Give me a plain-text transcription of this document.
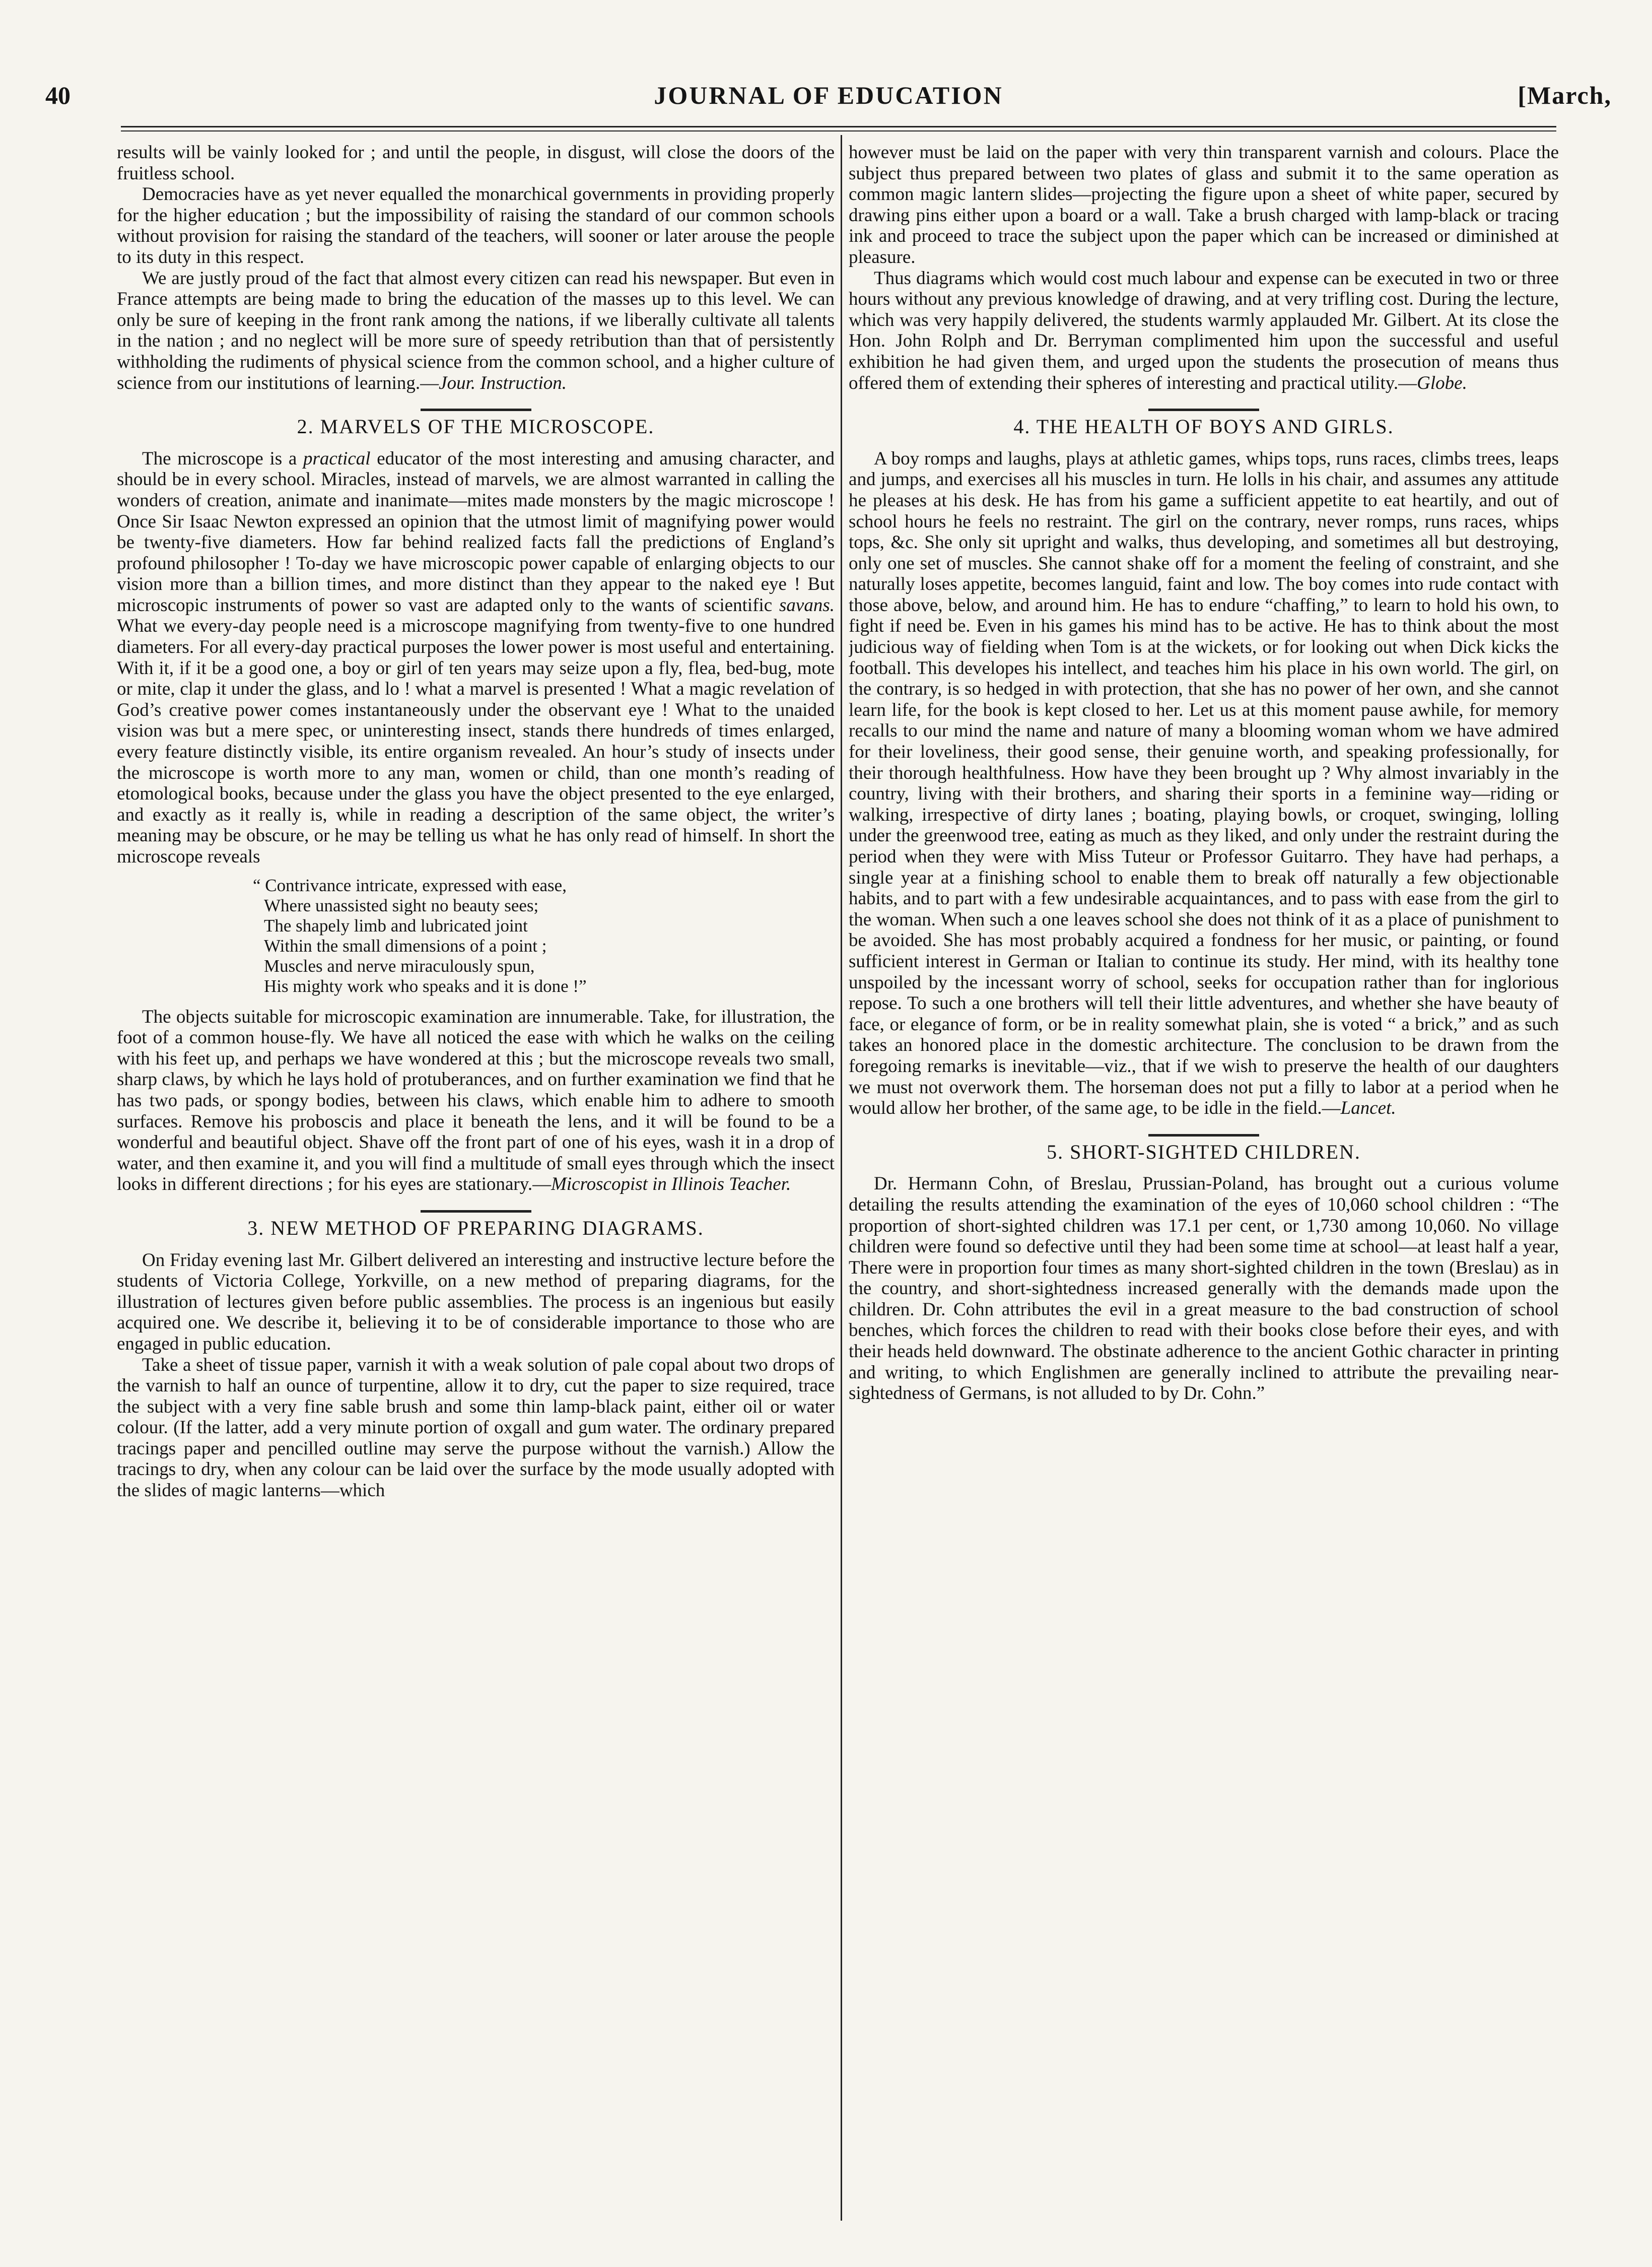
40	JOURNAL OF EDUCATION	[March,

results will be vainly looked for ; and until the people, in disgust, will close the doors of the fruitless school.

Democracies have as yet never equalled the monarchical governments in providing properly for the higher education ; but the impossibility of raising the standard of our common schools without provision for raising the standard of the teachers, will sooner or later arouse the people to its duty in this respect.

We are justly proud of the fact that almost every citizen can read his newspaper. But even in France attempts are being made to bring the education of the masses up to this level. We can only be sure of keeping in the front rank among the nations, if we liberally cultivate all talents in the nation ; and no neglect will be more sure of speedy retribution than that of persistently withholding the rudiments of physical science from the common school, and a higher culture of science from our institutions of learning.—Jour. Instruction.

2. MARVELS OF THE MICROSCOPE.

The microscope is a practical educator of the most interesting and amusing character, and should be in every school. Miracles, instead of marvels, we are almost warranted in calling the wonders of creation, animate and inanimate—mites made monsters by the magic microscope ! Once Sir Isaac Newton expressed an opinion that the utmost limit of magnifying power would be twenty-five diameters. How far behind realized facts fall the predictions of England’s profound philosopher ! To-day we have microscopic power capable of enlarging objects to our vision more than a billion times, and more distinct than they appear to the naked eye ! But microscopic instruments of power so vast are adapted only to the wants of scientific savans. What we every-day people need is a microscope magnifying from twenty-five to one hundred diameters. For all every-day practical purposes the lower power is most useful and entertaining. With it, if it be a good one, a boy or girl of ten years may seize upon a fly, flea, bed-bug, mote or mite, clap it under the glass, and lo ! what a marvel is presented ! What a magic revelation of God’s creative power comes instantaneously under the observant eye ! What to the unaided vision was but a mere spec, or uninteresting insect, stands there hundreds of times enlarged, every feature distinctly visible, its entire organism revealed. An hour’s study of insects under the microscope is worth more to any man, women or child, than one month’s reading of etomological books, because under the glass you have the object presented to the eye enlarged, and exactly as it really is, while in reading a description of the same object, the writer’s meaning may be obscure, or he may be telling us what he has only read of himself. In short the microscope reveals

“ Contrivance intricate, expressed with ease,
Where unassisted sight no beauty sees;
The shapely limb and lubricated joint
Within the small dimensions of a point ;
Muscles and nerve miraculously spun,
His mighty work who speaks and it is done !”

The objects suitable for microscopic examination are innumerable. Take, for illustration, the foot of a common house-fly. We have all noticed the ease with which he walks on the ceiling with his feet up, and perhaps we have wondered at this ; but the microscope reveals two small, sharp claws, by which he lays hold of protuberances, and on further examination we find that he has two pads, or spongy bodies, between his claws, which enable him to adhere to smooth surfaces. Remove his proboscis and place it beneath the lens, and it will be found to be a wonderful and beautiful object. Shave off the front part of one of his eyes, wash it in a drop of water, and then examine it, and you will find a multitude of small eyes through which the insect looks in different directions ; for his eyes are stationary.—Microscopist in Illinois Teacher.

3. NEW METHOD OF PREPARING DIAGRAMS.

On Friday evening last Mr. Gilbert delivered an interesting and instructive lecture before the students of Victoria College, Yorkville, on a new method of preparing diagrams, for the illustration of lectures given before public assemblies. The process is an ingenious but easily acquired one. We describe it, believing it to be of considerable importance to those who are engaged in public education.

Take a sheet of tissue paper, varnish it with a weak solution of pale copal about two drops of the varnish to half an ounce of turpentine, allow it to dry, cut the paper to size required, trace the subject with a very fine sable brush and some thin lamp-black paint, either oil or water colour. (If the latter, add a very minute portion of oxgall and gum water. The ordinary prepared tracings paper and pencilled outline may serve the purpose without the varnish.) Allow the tracings to dry, when any colour can be laid over the surface by the mode usually adopted with the slides of magic lanterns—which

however must be laid on the paper with very thin transparent varnish and colours. Place the subject thus prepared between two plates of glass and submit it to the same operation as common magic lantern slides—projecting the figure upon a sheet of white paper, secured by drawing pins either upon a board or a wall. Take a brush charged with lamp-black or tracing ink and proceed to trace the subject upon the paper which can be increased or diminished at pleasure.

Thus diagrams which would cost much labour and expense can be executed in two or three hours without any previous knowledge of drawing, and at very trifling cost. During the lecture, which was very happily delivered, the students warmly applauded Mr. Gilbert. At its close the Hon. John Rolph and Dr. Berryman complimented him upon the successful and useful exhibition he had given them, and urged upon the students the prosecution of means thus offered them of extending their spheres of interesting and practical utility.—Globe.

4. THE HEALTH OF BOYS AND GIRLS.

A boy romps and laughs, plays at athletic games, whips tops, runs races, climbs trees, leaps and jumps, and exercises all his muscles in turn. He lolls in his chair, and assumes any attitude he pleases at his desk. He has from his game a sufficient appetite to eat heartily, and out of school hours he feels no restraint. The girl on the contrary, never romps, runs races, whips tops, &c. She only sit upright and walks, thus developing, and sometimes all but destroying, only one set of muscles. She cannot shake off for a moment the feeling of constraint, and she naturally loses appetite, becomes languid, faint and low. The boy comes into rude contact with those above, below, and around him. He has to endure “chaffing,” to learn to hold his own, to fight if need be. Even in his games his mind has to be active. He has to think about the most judicious way of fielding when Tom is at the wickets, or for looking out when Dick kicks the football. This developes his intellect, and teaches him his place in his own world. The girl, on the contrary, is so hedged in with protection, that she has no power of her own, and she cannot learn life, for the book is kept closed to her. Let us at this moment pause awhile, for memory recalls to our mind the name and nature of many a blooming woman whom we have admired for their loveliness, their good sense, their genuine worth, and speaking professionally, for their thorough healthfulness. How have they been brought up ? Why almost invariably in the country, living with their brothers, and sharing their sports in a feminine way—riding or walking, irrespective of dirty lanes ; boating, playing bowls, or croquet, swinging, lolling under the greenwood tree, eating as much as they liked, and only under the restraint during the period when they were with Miss Tuteur or Professor Guitarro. They have had perhaps, a single year at a finishing school to enable them to break off naturally a few objectionable habits, and to part with a few undesirable acquaintances, and to pass with ease from the girl to the woman. When such a one leaves school she does not think of it as a place of punishment to be avoided. She has most probably acquired a fondness for her music, or painting, or found sufficient interest in German or Italian to continue its study. Her mind, with its healthy tone unspoiled by the incessant worry of school, seeks for occupation rather than for inglorious repose. To such a one brothers will tell their little adventures, and whether she have beauty of face, or elegance of form, or be in reality somewhat plain, she is voted “ a brick,” and as such takes an honored place in the domestic architecture. The conclusion to be drawn from the foregoing remarks is inevitable—viz., that if we wish to preserve the health of our daughters we must not overwork them. The horseman does not put a filly to labor at a period when he would allow her brother, of the same age, to be idle in the field.—Lancet.

5. SHORT-SIGHTED CHILDREN.

Dr. Hermann Cohn, of Breslau, Prussian-Poland, has brought out a curious volume detailing the results attending the examination of the eyes of 10,060 school children : “The proportion of short-sighted children was 17.1 per cent, or 1,730 among 10,060. No village children were found so defective until they had been some time at school—at least half a year, There were in proportion four times as many short-sighted children in the town (Breslau) as in the country, and short-sightedness increased generally with the demands made upon the children. Dr. Cohn attributes the evil in a great measure to the bad construction of school benches, which forces the children to read with their books close before their eyes, and with their heads held downward. The obstinate adherence to the ancient Gothic character in printing and writing, to which Englishmen are generally inclined to attribute the prevailing near-sightedness of Germans, is not alluded to by Dr. Cohn.”
